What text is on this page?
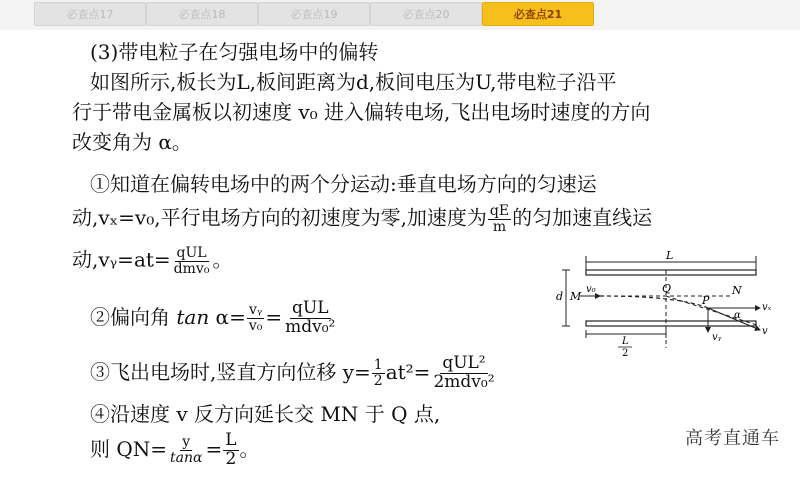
必查点17	必查点18	必查点19	必查点20	必查点21
(3)带电粒子在匀强电场中的偏转
如图所示,板长为L,板间距离为d,板间电压为U,带电粒子沿平
行于带电金属板以初速度 v₀ 进入偏转电场,飞出电场时速度的方向
改变角为 α。
①知道在偏转电场中的两个分运动:垂直电场方向的匀速运
动,vₓ=v₀,平行电场方向的初速度为零,加速度为 $\frac{qE}{m}$ 的匀加速直线运
动,vᵧ=at= $\frac{\text{qUL}}{\text{dmv₀}}$ 。
②偏向角 $\tan \alpha= \frac{\text{vᵧ}}{\text{v₀}} = \frac{\text{qUL}}{\text{mdv₀²}}$
③飞出电场时,竖直方向位移 $y= \frac{1}{2} at^2= \frac{\text{qUL²}}{\text{2mdv₀²}}$
④沿速度 v 反方向延长交 MN 于 Q 点,
则 $QN= \frac{y}{\tan\alpha} = \frac{L}{2}$ 。
L
d M
v₀	Q	N
P
vₓ
vᵧ
v
α
L
2
高考直通车
